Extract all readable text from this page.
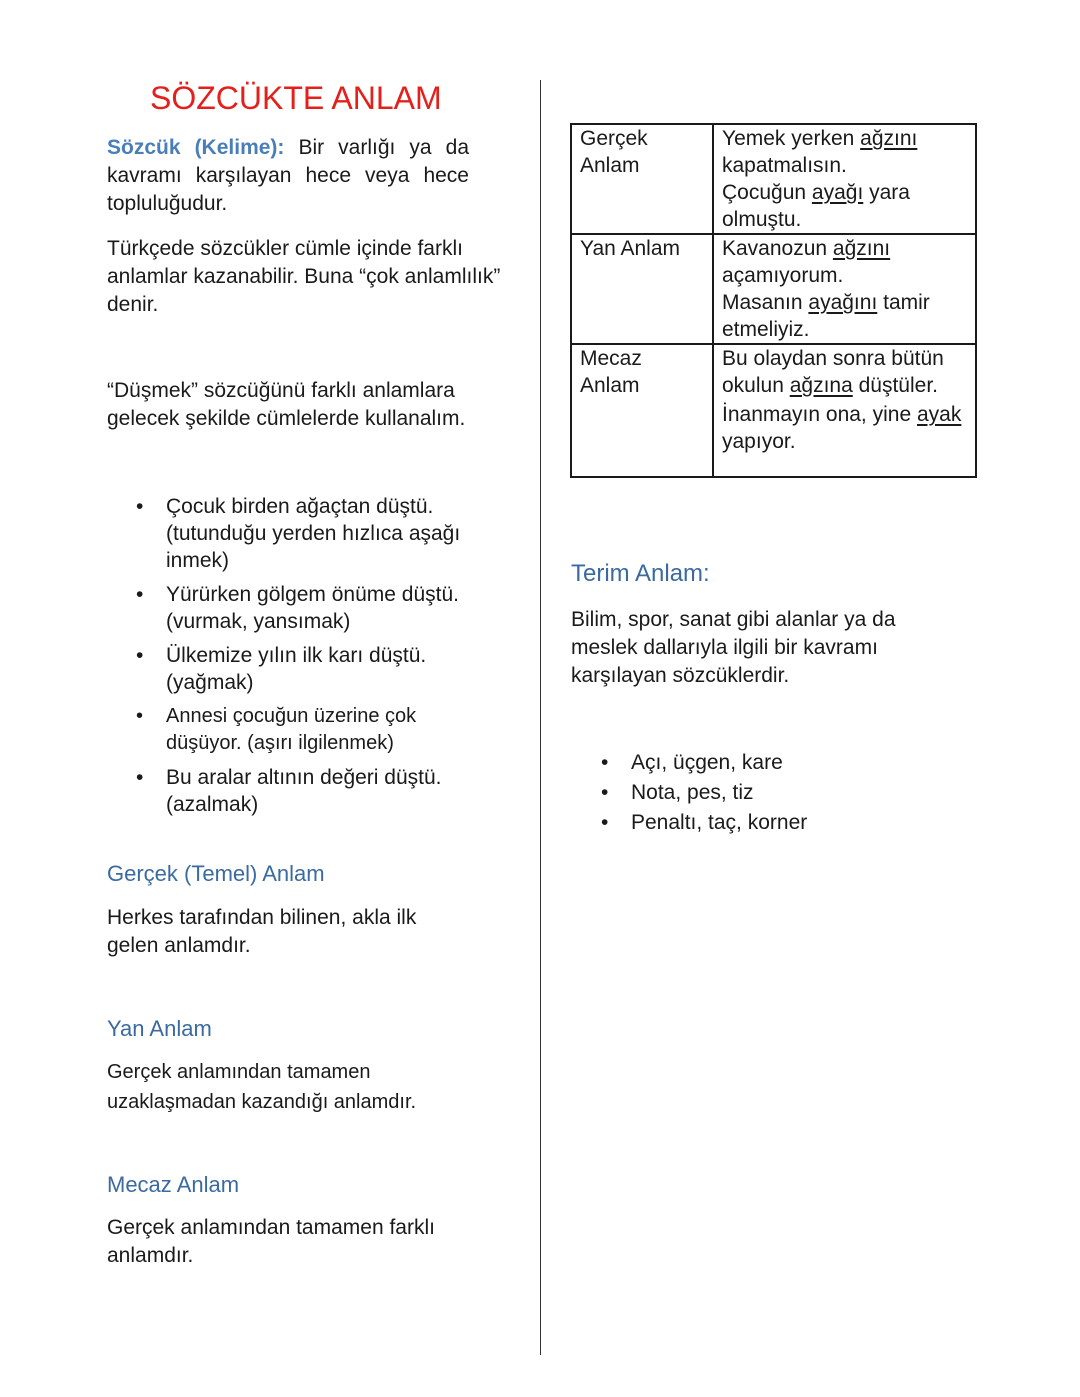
SÖZCÜKTE ANLAM

Sözcük (Kelime): Bir varlığı ya da kavramı karşılayan hece veya hece topluluğudur.

Türkçede sözcükler cümle içinde farklı anlamlar kazanabilir. Buna “çok anlamlılık” denir.

“Düşmek” sözcüğünü farklı anlamlara gelecek şekilde cümlelerde kullanalım.

• Çocuk birden ağaçtan düştü. (tutunduğu yerden hızlıca aşağı inmek)
• Yürürken gölgem önüme düştü. (vurmak, yansımak)
• Ülkemize yılın ilk karı düştü. (yağmak)
• Annesi çocuğun üzerine çok düşüyor. (aşırı ilgilenmek)
• Bu aralar altının değeri düştü. (azalmak)
Gerçek (Temel) Anlam

Herkes tarafından bilinen, akla ilk gelen anlamdır.

Yan Anlam

Gerçek anlamından tamamen uzaklaşmadan kazandığı anlamdır.

Mecaz Anlam

Gerçek anlamından tamamen farklı anlamdır.

Gerçek Anlam	Yemek yerken ağzını kapatmalısın.
Çocuğun ayağı yara olmuştu.

Yan Anlam	Kavanozun ağzını açamıyorum.
Masanın ayağını tamir etmeliyiz.

Mecaz Anlam	Bu olaydan sonra bütün okulun ağzına düştüler.
İnanmayın ona, yine ayak yapıyor.
Terim Anlam:

Bilim, spor, sanat gibi alanlar ya da meslek dallarıyla ilgili bir kavramı karşılayan sözcüklerdir.

• Açı, üçgen, kare
• Nota, pes, tiz
• Penaltı, taç, korner
